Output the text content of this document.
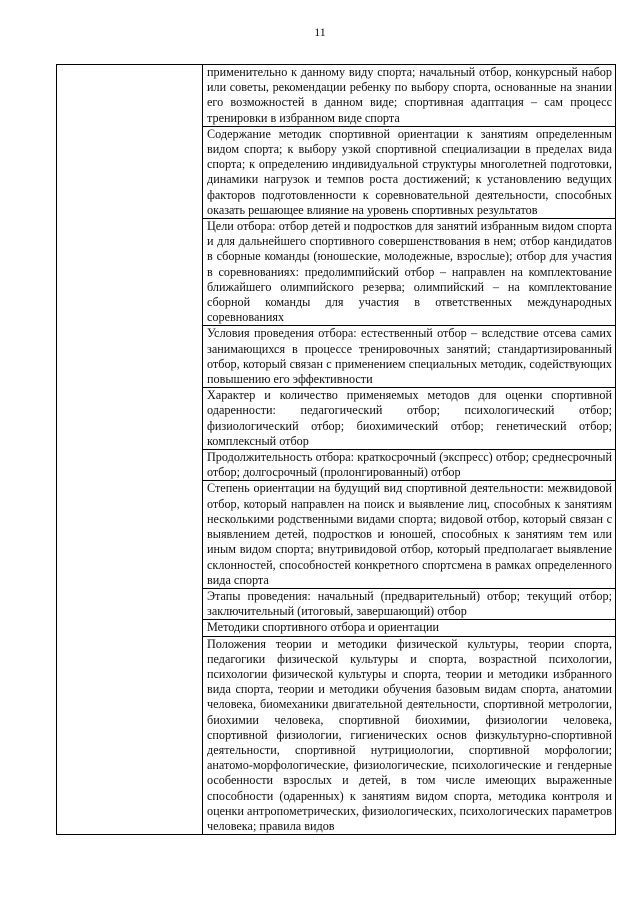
11

применительно к данному виду спорта; начальный отбор, конкурсный набор или советы, рекомендации ребенку по выбору спорта, основанные на знании его возможностей в данном виде; спортивная адаптация – сам процесс тренировки в избранном виде спорта

Содержание методик спортивной ориентации к занятиям определенным видом спорта; к выбору узкой спортивной специализации в пределах вида спорта; к определению индивидуальной структуры многолетней подготовки, динамики нагрузок и темпов роста достижений; к установлению ведущих факторов подготовленности к соревновательной деятельности, способных оказать решающее влияние на уровень спортивных результатов

Цели отбора: отбор детей и подростков для занятий избранным видом спорта и для дальнейшего спортивного совершенствования в нем; отбор кандидатов в сборные команды (юношеские, молодежные, взрослые); отбор для участия в соревнованиях: предолимпийский отбор – направлен на комплектование ближайшего олимпийского резерва; олимпийский – на комплектование сборной команды для участия в ответственных международных соревнованиях

Условия проведения отбора: естественный отбор – вследствие отсева самих занимающихся в процессе тренировочных занятий; стандартизированный отбор, который связан с применением специальных методик, содействующих повышению его эффективности

Характер и количество применяемых методов для оценки спортивной одаренности: педагогический отбор; психологический отбор; физиологический отбор; биохимический отбор; генетический отбор; комплексный отбор

Продолжительность отбора: краткосрочный (экспресс) отбор; среднесрочный отбор; долгосрочный (пролонгированный) отбор

Степень ориентации на будущий вид спортивной деятельности: межвидовой отбор, который направлен на поиск и выявление лиц, способных к занятиям несколькими родственными видами спорта; видовой отбор, который связан с выявлением детей, подростков и юношей, способных к занятиям тем или иным видом спорта; внутривидовой отбор, который предполагает выявление склонностей, способностей конкретного спортсмена в рамках определенного вида спорта

Этапы проведения: начальный (предварительный) отбор; текущий отбор; заключительный (итоговый, завершающий) отбор

Методики спортивного отбора и ориентации

Положения теории и методики физической культуры, теории спорта, педагогики физической культуры и спорта, возрастной психологии, психологии физической культуры и спорта, теории и методики избранного вида спорта, теории и методики обучения базовым видам спорта, анатомии человека, биомеханики двигательной деятельности, спортивной метрологии, биохимии человека, спортивной биохимии, физиологии человека, спортивной физиологии, гигиенических основ физкультурно-спортивной деятельности, спортивной нутрициологии, спортивной морфологии; анатомо-морфологические, физиологические, психологические и гендерные особенности взрослых и детей, в том числе имеющих выраженные способности (одаренных) к занятиям видом спорта, методика контроля и оценки антропометрических, физиологических, психологических параметров человека; правила видов
